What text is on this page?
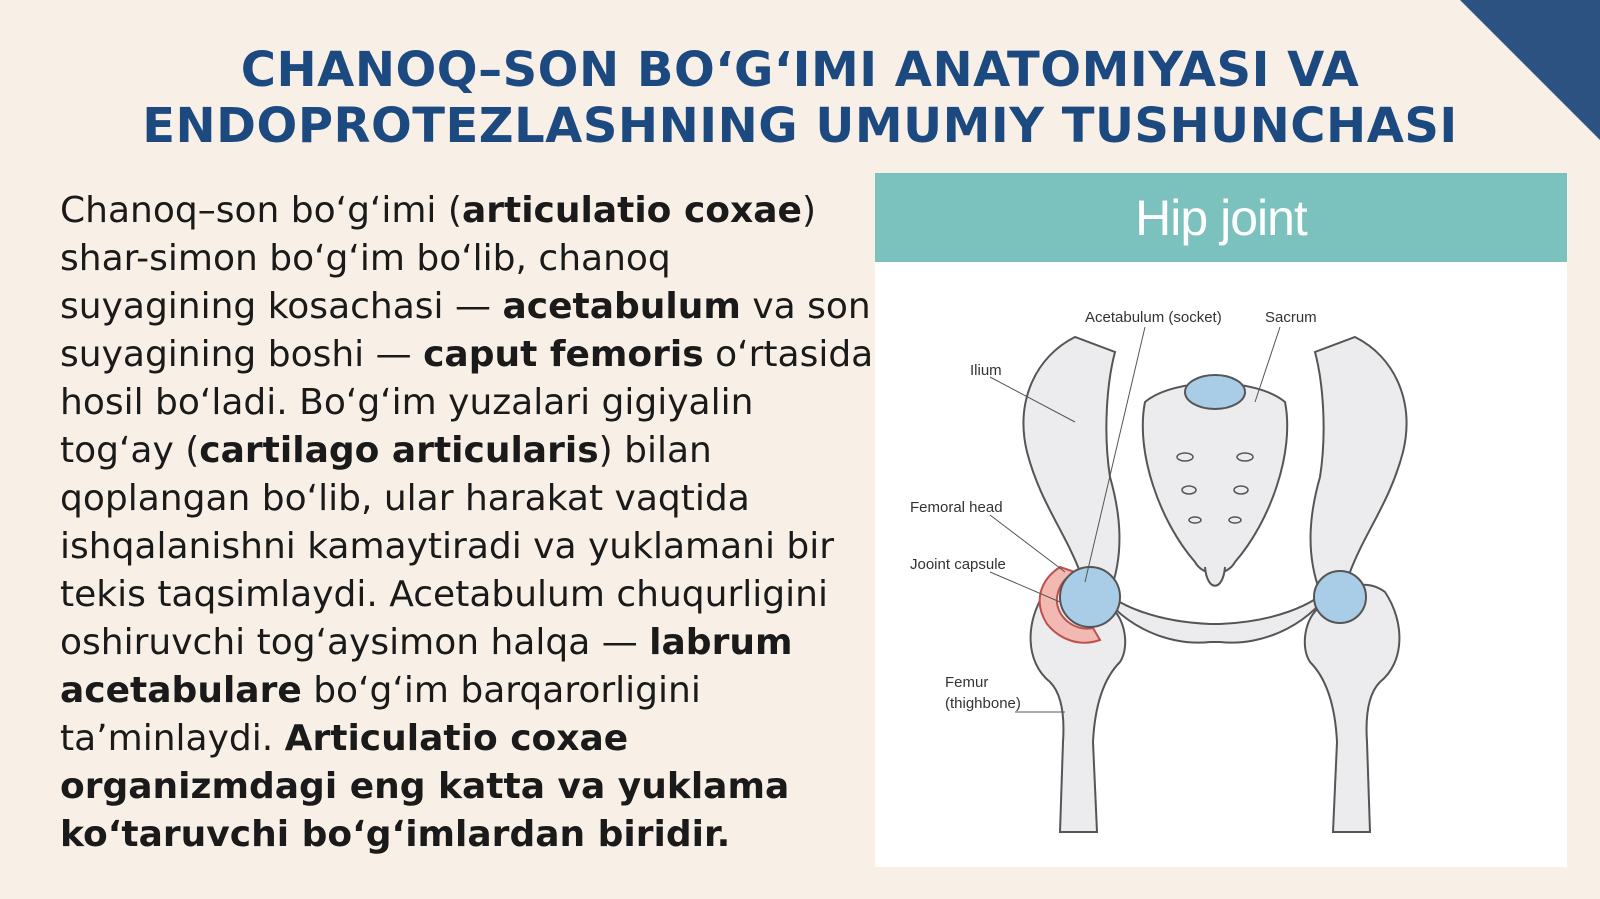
CHANOQ–SON BO‘G‘IMI ANATOMIYASI VA
ENDOPROTEZLASHNING UMUMIY TUSHUNCHASI
Chanoq–son bo‘g‘imi (articulatio coxae) shar-simon bo‘g‘im bo‘lib, chanoq suyagining kosachasi — acetabulum va son suyagining boshi — caput femoris o‘rtasida hosil bo‘ladi. Bo‘g‘im yuzalari gigiyalin tog‘ay (cartilago articularis) bilan qoplangan bo‘lib, ular harakat vaqtida ishqalanishni kamaytiradi va yuklamani bir tekis taqsimlaydi. Acetabulum chuqurligini oshiruvchi tog‘aysimon halqa — labrum acetabulare bo‘g‘im barqarorligini ta’minlaydi. Articulatio coxae organizmdagi eng katta va yuklama ko‘taruvchi bo‘g‘imlardan biridir.
Hip joint
Acetabulum (socket)	Sacrum
Ilium
Femoral head
Jooint capsule
Femur
(thighbone)
